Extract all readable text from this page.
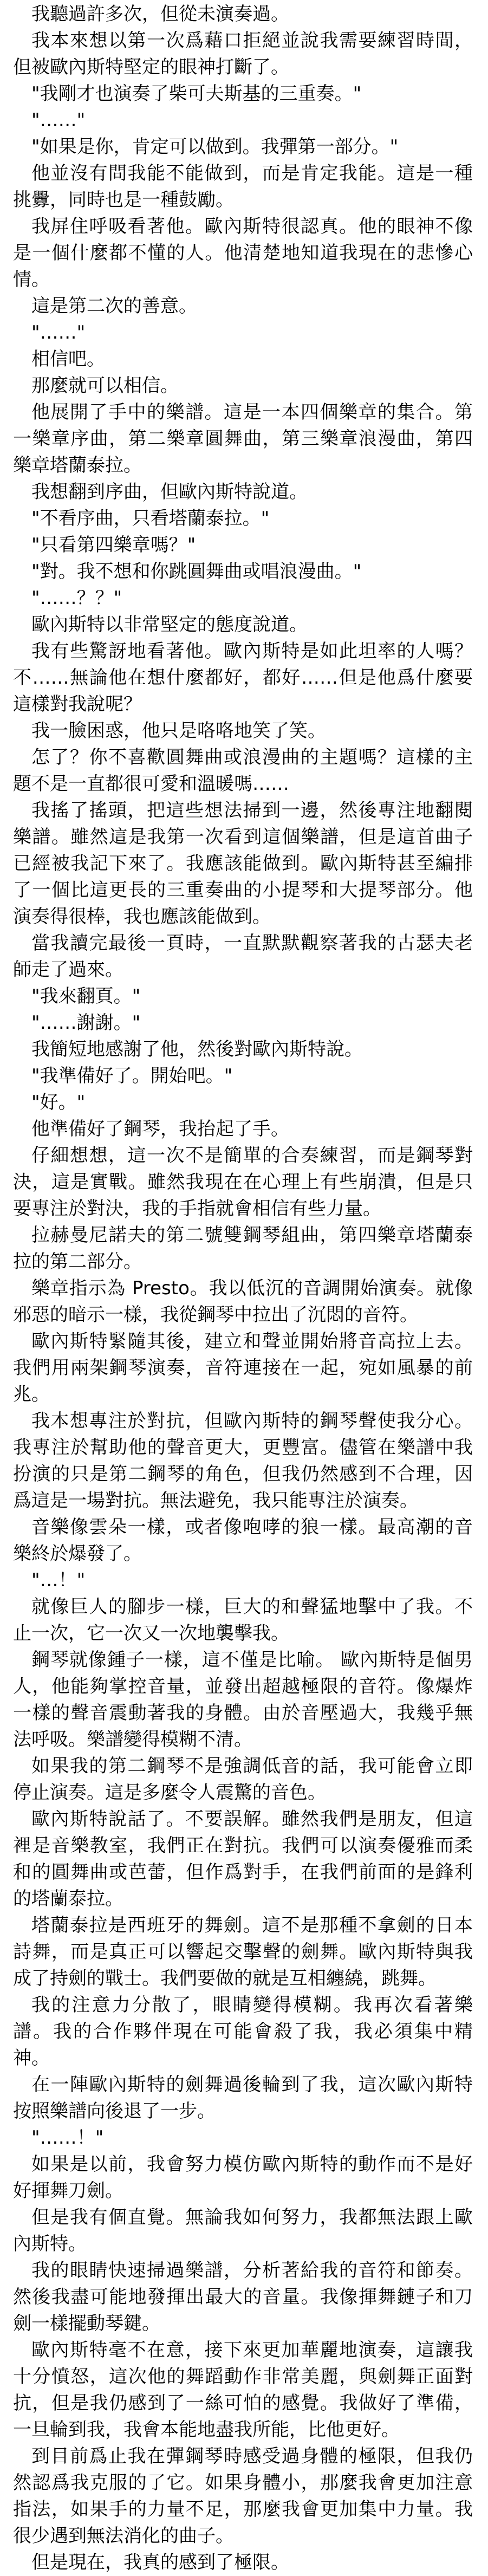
我聽過許多次，但從未演奏過。

我本來想以第一次爲藉口拒絕並說我需要練習時間，但被歐內斯特堅定的眼神打斷了。

"我剛才也演奏了柴可夫斯基的三重奏。"

"……"

"如果是你，肯定可以做到。我彈第一部分。"

他並沒有問我能不能做到，而是肯定我能。這是一種挑釁，同時也是一種鼓勵。

我屏住呼吸看著他。歐內斯特很認真。他的眼神不像是一個什麼都不懂的人。他清楚地知道我現在的悲慘心情。

這是第二次的善意。

"……"

相信吧。

那麼就可以相信。

他展開了手中的樂譜。這是一本四個樂章的集合。第一樂章序曲，第二樂章圓舞曲，第三樂章浪漫曲，第四樂章塔蘭泰拉。

我想翻到序曲，但歐內斯特說道。

"不看序曲，只看塔蘭泰拉。"

"只看第四樂章嗎？"

"對。我不想和你跳圓舞曲或唱浪漫曲。"

"……？？"

歐內斯特以非常堅定的態度說道。

我有些驚訝地看著他。歐內斯特是如此坦率的人嗎？不……無論他在想什麼都好，都好……但是他爲什麼要這樣對我說呢？

我一臉困惑，他只是咯咯地笑了笑。

怎了？你不喜歡圓舞曲或浪漫曲的主題嗎？這樣的主題不是一直都很可愛和溫暖嗎……

我搖了搖頭，把這些想法掃到一邊，然後專注地翻閱樂譜。雖然這是我第一次看到這個樂譜，但是這首曲子已經被我記下來了。我應該能做到。歐內斯特甚至編排了一個比這更長的三重奏曲的小提琴和大提琴部分。他演奏得很棒，我也應該能做到。

當我讀完最後一頁時，一直默默觀察著我的古瑟夫老師走了過來。

"我來翻頁。"

"……謝謝。"

我簡短地感謝了他，然後對歐內斯特說。

"我準備好了。開始吧。"

"好。"

他準備好了鋼琴，我抬起了手。

仔細想想，這一次不是簡單的合奏練習，而是鋼琴對決，這是實戰。雖然我現在在心理上有些崩潰，但是只要專注於對決，我的手指就會相信有些力量。

拉赫曼尼諾夫的第二號雙鋼琴組曲，第四樂章塔蘭泰拉的第二部分。

樂章指示為 Presto。我以低沉的音調開始演奏。就像邪惡的暗示一樣，我從鋼琴中拉出了沉悶的音符。

歐內斯特緊隨其後，建立和聲並開始將音高拉上去。我們用兩架鋼琴演奏，音符連接在一起，宛如風暴的前兆。

我本想專注於對抗，但歐內斯特的鋼琴聲使我分心。我專注於幫助他的聲音更大，更豐富。儘管在樂譜中我扮演的只是第二鋼琴的角色，但我仍然感到不合理，因爲這是一場對抗。無法避免，我只能專注於演奏。

音樂像雲朵一樣，或者像咆哮的狼一樣。最高潮的音樂終於爆發了。

"…！"

就像巨人的腳步一樣，巨大的和聲猛地擊中了我。不止一次，它一次又一次地襲擊我。

鋼琴就像鍾子一樣，這不僅是比喻。 歐內斯特是個男人，他能夠掌控音量，並發出超越極限的音符。像爆炸一樣的聲音震動著我的身體。由於音壓過大，我幾乎無法呼吸。樂譜變得模糊不清。

如果我的第二鋼琴不是強調低音的話，我可能會立即停止演奏。這是多麼令人震驚的音色。

歐內斯特說話了。不要誤解。雖然我們是朋友，但這裡是音樂教室，我們正在對抗。我們可以演奏優雅而柔和的圓舞曲或芭蕾，但作爲對手，在我們前面的是鋒利的塔蘭泰拉。

塔蘭泰拉是西班牙的舞劍。這不是那種不拿劍的日本詩舞，而是真正可以響起交擊聲的劍舞。歐內斯特與我成了持劍的戰士。我們要做的就是互相纏繞，跳舞。

我的注意力分散了，眼睛變得模糊。我再次看著樂譜。我的合作夥伴現在可能會殺了我，我必須集中精神。

在一陣歐內斯特的劍舞過後輪到了我，這次歐內斯特按照樂譜向後退了一步。

"……！"

如果是以前，我會努力模仿歐內斯特的動作而不是好好揮舞刀劍。

但是我有個直覺。無論我如何努力，我都無法跟上歐內斯特。

我的眼睛快速掃過樂譜，分析著給我的音符和節奏。然後我盡可能地發揮出最大的音量。我像揮舞鏈子和刀劍一樣擺動琴鍵。

歐內斯特毫不在意，接下來更加華麗地演奏，這讓我十分憤怒，這次他的舞蹈動作非常美麗，與劍舞正面對抗，但是我仍感到了一絲可怕的感覺。我做好了準備，一旦輪到我，我會本能地盡我所能，比他更好。

到目前爲止我在彈鋼琴時感受過身體的極限，但我仍然認爲我克服的了它。如果身體小，那麼我會更加注意指法，如果手的力量不足，那麼我會更加集中力量。我很少遇到無法消化的曲子。

但是現在，我真的感到了極限。
